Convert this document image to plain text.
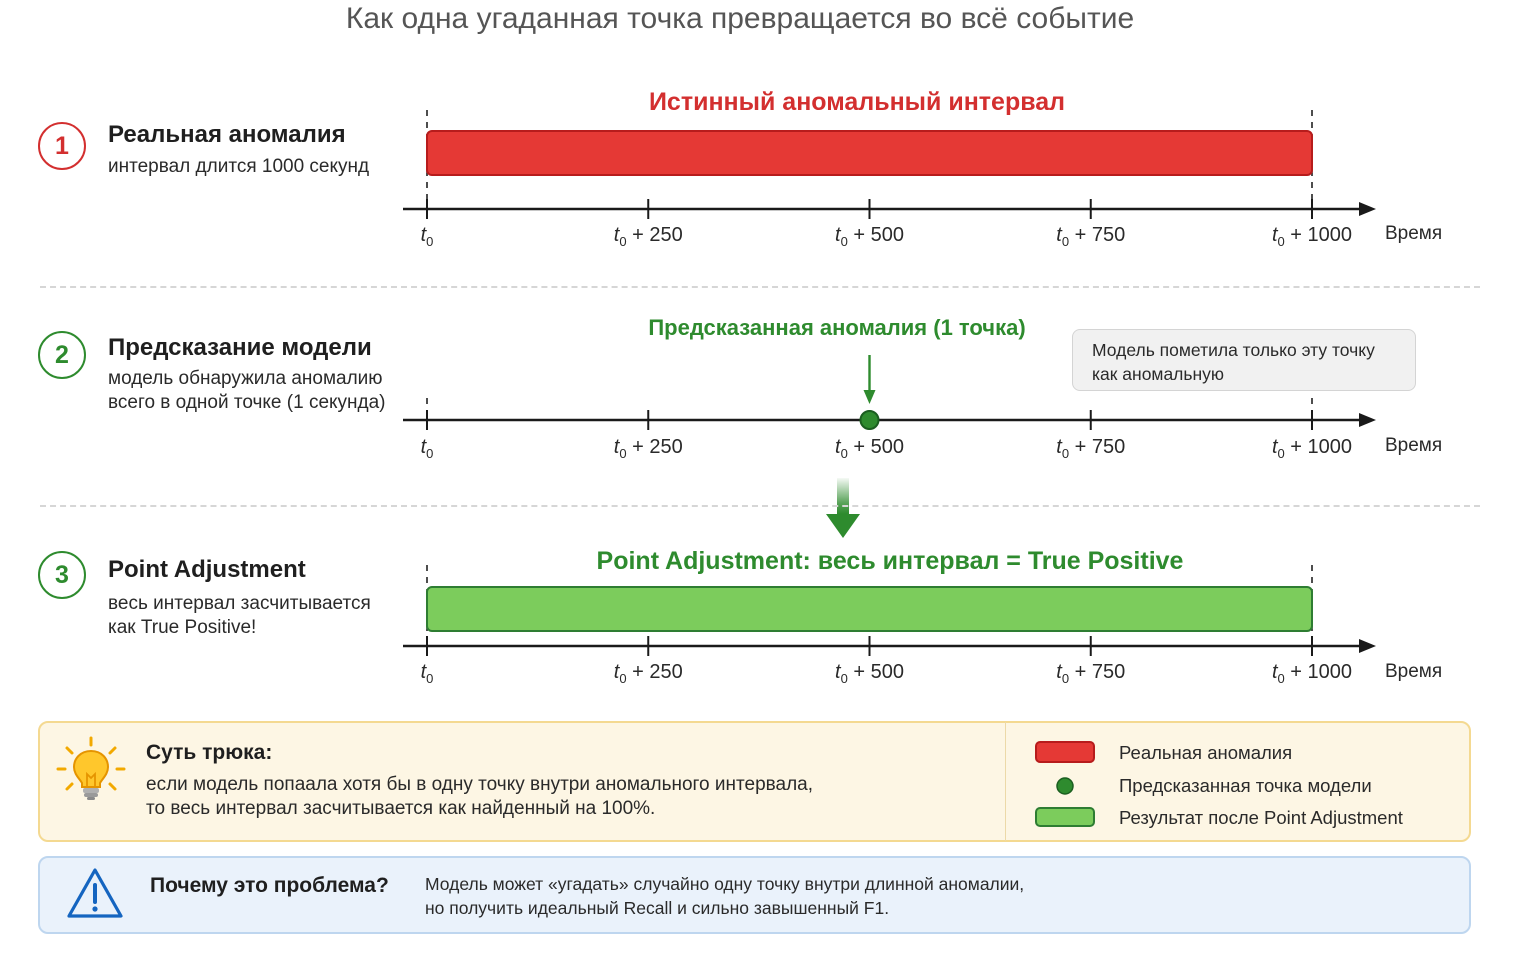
Как одна угаданная точка превращается во всё событие
1	Реальная аномалия
интервал длится 1000 секунд
Истинный аномальный интервал
2	Предсказание модели
модель обнаружила аномалию
всего в одной точке (1 секунда)
Предсказанная аномалия (1 точка)
Модель пометила только эту точку
как аномальную
3	Point Adjustment
весь интервал засчитывается
как True Positive!
Point Adjustment: весь интервал = True Positive
$t_0$	$t_0 + 250$	$t_0 + 500$	$t_0 + 750$	$t_0 + 1000$
$t_0$	$t_0 + 250$	$t_0 + 500$	$t_0 + 750$	$t_0 + 1000$
$t_0$	$t_0 + 250$	$t_0 + 500$	$t_0 + 750$	$t_0 + 1000$
Время
Время
Время
Суть трюка:
если модель попаала хотя бы в одну точку внутри аномального интервала,
то весь интервал засчитывается как найденный на 100%.
Реальная аномалия
Предсказанная точка модели
Результат после Point Adjustment
Почему это проблема? Модель может «угадать» случайно одну точку внутри длинной аномалии,
но получить идеальный Recall и сильно завышенный F1.
